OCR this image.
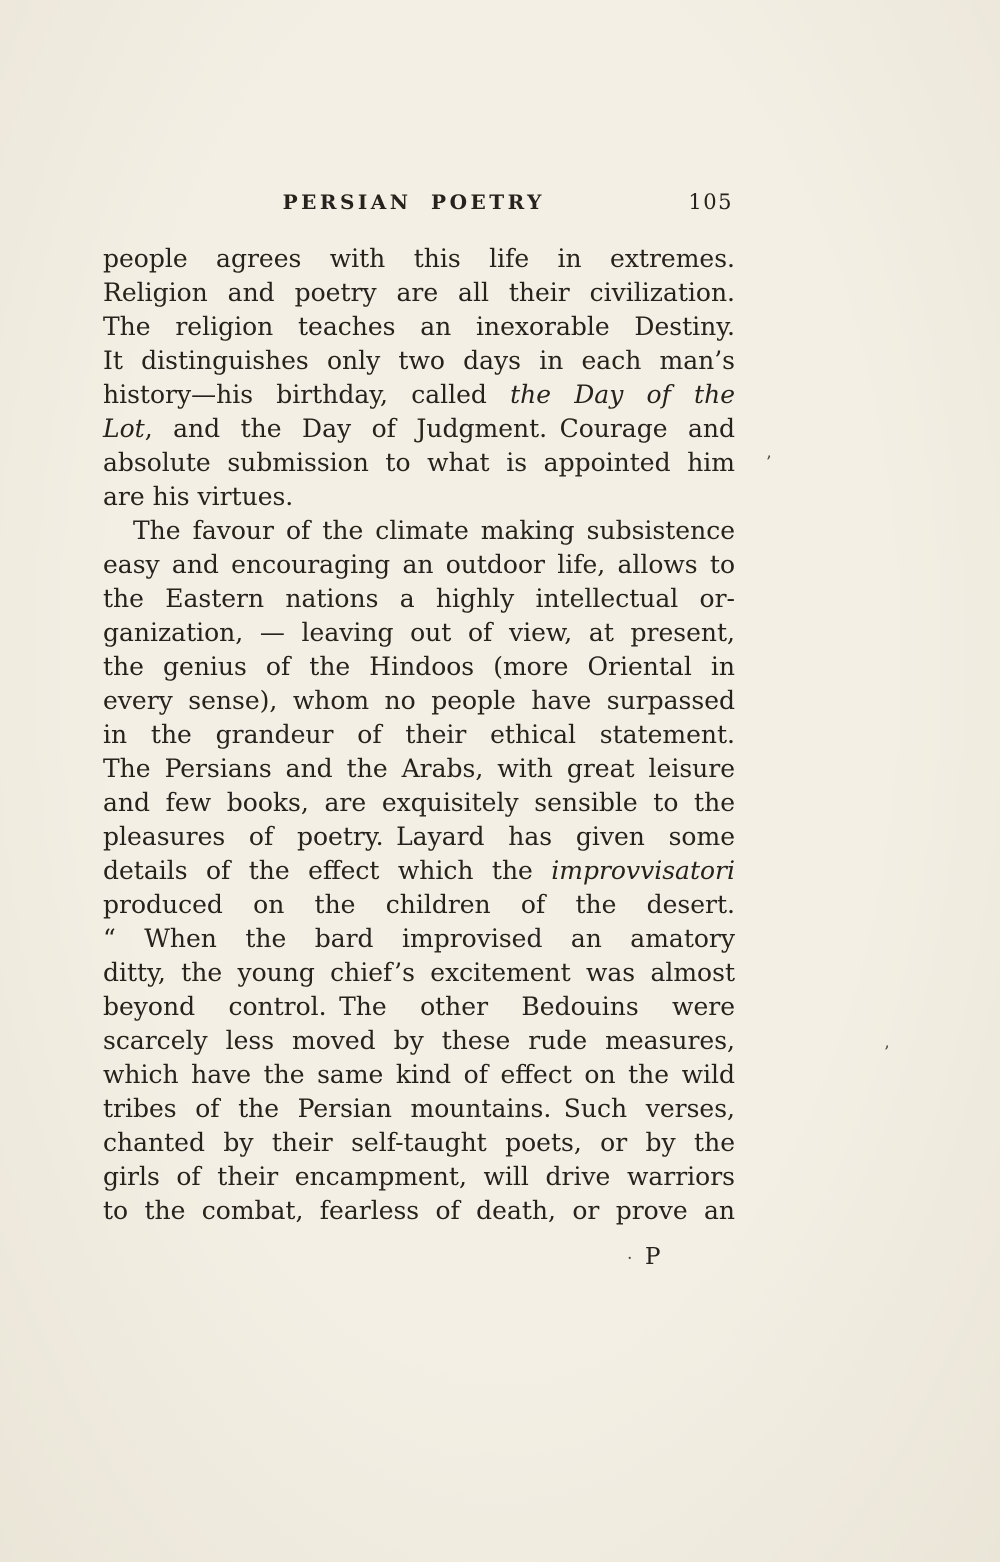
PERSIAN POETRY	105
people agrees with this life in extremes.
Religion and poetry are all their civilization.
The religion teaches an inexorable Destiny.
It distinguishes only two days in each man’s
history—his birthday, called the Day of the
Lot, and the Day of Judgment. Courage and
absolute submission to what is appointed him
are his virtues.
The favour of the climate making subsistence
easy and encouraging an outdoor life, allows to
the Eastern nations a highly intellectual or-
ganization, — leaving out of view, at present,
the genius of the Hindoos (more Oriental in
every sense), whom no people have surpassed
in the grandeur of their ethical statement.
The Persians and the Arabs, with great leisure
and few books, are exquisitely sensible to the
pleasures of poetry. Layard has given some
details of the effect which the improvvisatori
produced on the children of the desert.
“ When the bard improvised an amatory
ditty, the young chief’s excitement was almost
beyond control. The other Bedouins were
scarcely less moved by these rude measures,
which have the same kind of effect on the wild
tribes of the Persian mountains. Such verses,
chanted by their self-taught poets, or by the
girls of their encampment, will drive warriors
to the combat, fearless of death, or prove an
P
’
’
.
